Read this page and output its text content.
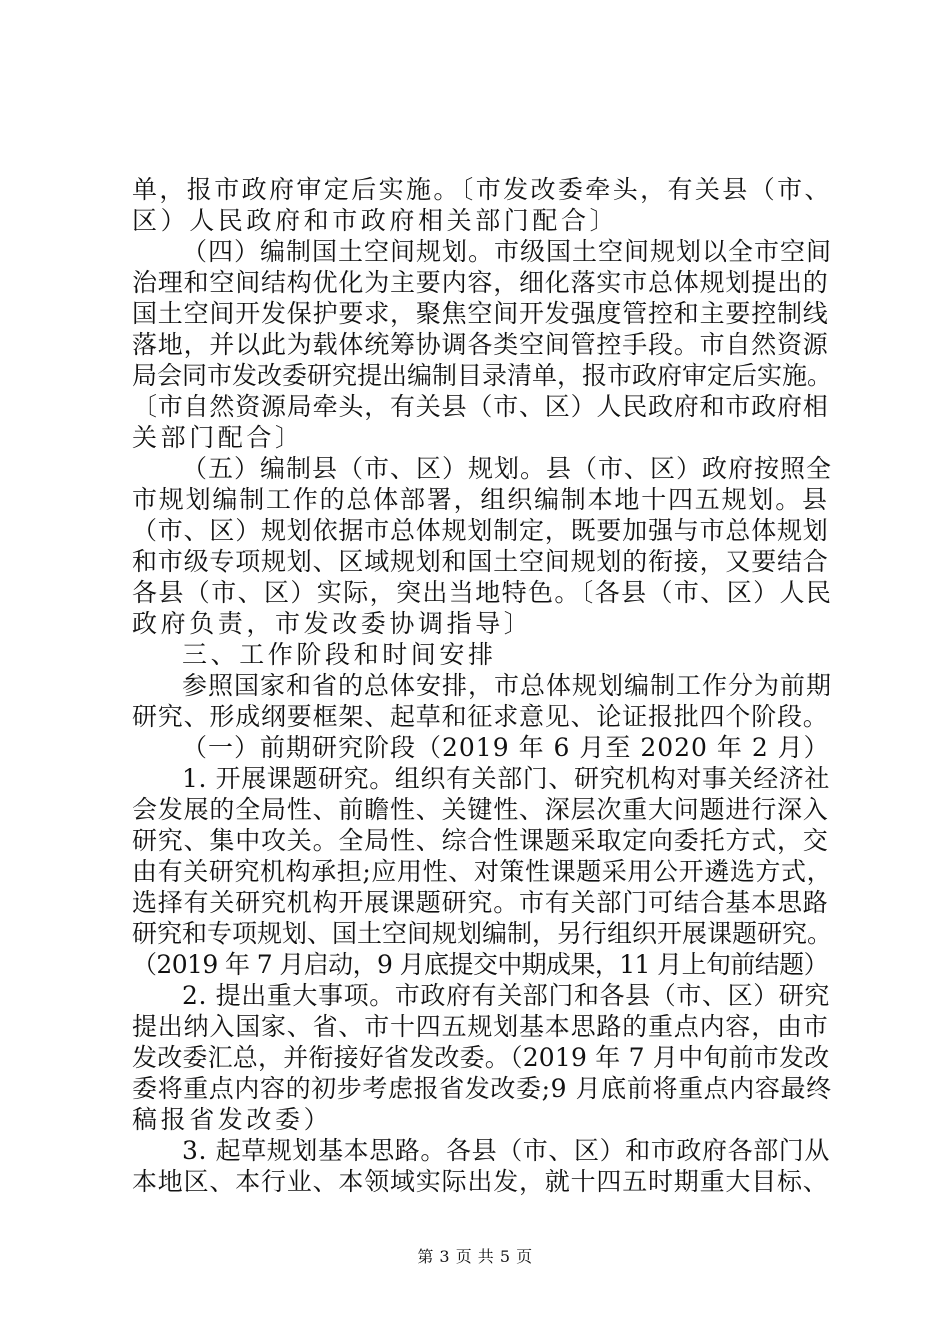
单，报市政府审定后实施。〔市发改委牵头，有关县（市、
区）人民政府和市政府相关部门配合〕
（四）编制国土空间规划。市级国土空间规划以全市空间
治理和空间结构优化为主要内容，细化落实市总体规划提出的
国土空间开发保护要求，聚焦空间开发强度管控和主要控制线
落地，并以此为载体统筹协调各类空间管控手段。市自然资源
局会同市发改委研究提出编制目录清单，报市政府审定后实施。
〔市自然资源局牵头，有关县（市、区）人民政府和市政府相
关部门配合〕
（五）编制县（市、区）规划。县（市、区）政府按照全
市规划编制工作的总体部署，组织编制本地十四五规划。县
（市、区）规划依据市总体规划制定，既要加强与市总体规划
和市级专项规划、区域规划和国土空间规划的衔接，又要结合
各县（市、区）实际，突出当地特色。〔各县（市、区）人民
政府负责，市发改委协调指导〕
三、工作阶段和时间安排
参照国家和省的总体安排，市总体规划编制工作分为前期
研究、形成纲要框架、起草和征求意见、论证报批四个阶段。
（一）前期研究阶段（2019 年 6 月至 2020 年 2 月）
1. 开展课题研究。组织有关部门、研究机构对事关经济社
会发展的全局性、前瞻性、关键性、深层次重大问题进行深入
研究、集中攻关。全局性、综合性课题采取定向委托方式，交
由有关研究机构承担;应用性、对策性课题采用公开遴选方式，
选择有关研究机构开展课题研究。市有关部门可结合基本思路
研究和专项规划、国土空间规划编制，另行组织开展课题研究。
（2019 年 7 月启动，9 月底提交中期成果，11 月上旬前结题）
2. 提出重大事项。市政府有关部门和各县（市、区）研究
提出纳入国家、省、市十四五规划基本思路的重点内容，由市
发改委汇总，并衔接好省发改委。（2019 年 7 月中旬前市发改
委将重点内容的初步考虑报省发改委;9 月底前将重点内容最终
稿报省发改委）
3. 起草规划基本思路。各县（市、区）和市政府各部门从
本地区、本行业、本领域实际出发，就十四五时期重大目标、
第 3 页 共 5 页
